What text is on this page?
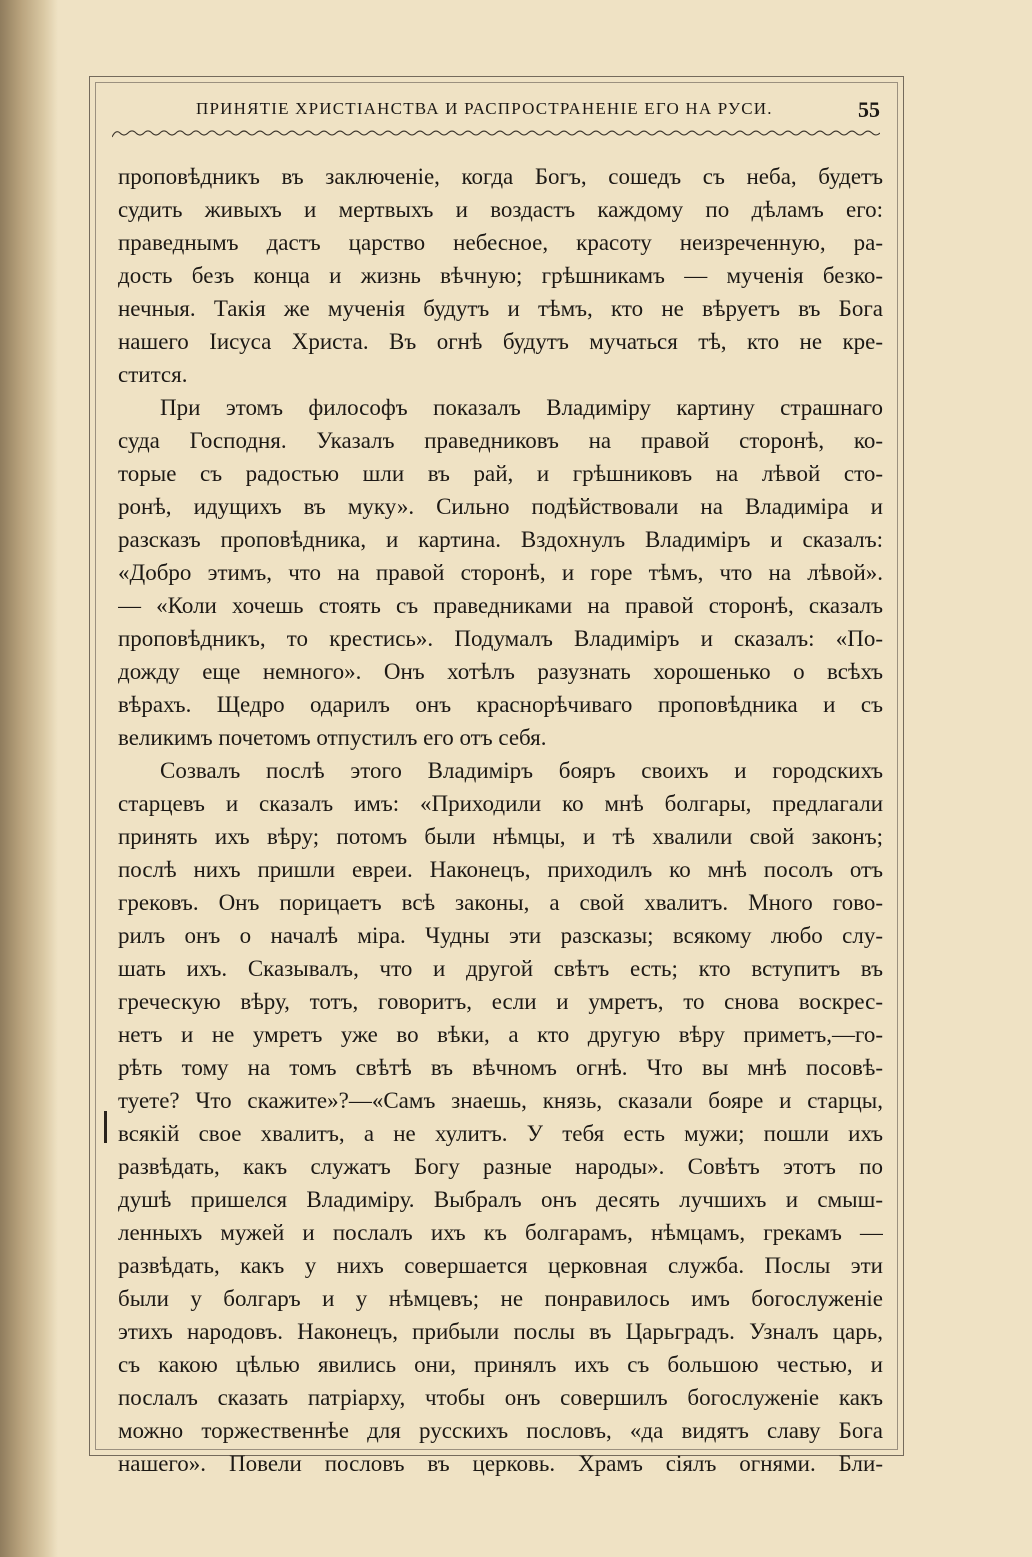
ПРИНЯТІЕ ХРИСТІАНСТВА И РАСПРОСТРАНЕНІЕ ЕГО НА РУСИ.	55
проповѣдникъ въ заключеніе, когда Богъ, сошедъ съ неба, будетъ
судить живыхъ и мертвыхъ и воздастъ каждому по дѣламъ его:
праведнымъ дастъ царство небесное, красоту неизреченную, ра-
дость безъ конца и жизнь вѣчную; грѣшникамъ — мученія безко-
нечныя. Такія же мученія будутъ и тѣмъ, кто не вѣруетъ въ Бога
нашего Іисуса Христа. Въ огнѣ будутъ мучаться тѣ, кто не кре-
стится.
При этомъ философъ показалъ Владиміру картину страшнаго
суда Господня. Указалъ праведниковъ на правой сторонѣ, ко-
торые съ радостью шли въ рай, и грѣшниковъ на лѣвой сто-
ронѣ, идущихъ въ муку». Сильно подѣйствовали на Владиміра и
разсказъ проповѣдника, и картина. Вздохнулъ Владиміръ и сказалъ:
«Добро этимъ, что на правой сторонѣ, и горе тѣмъ, что на лѣвой».
— «Коли хочешь стоять съ праведниками на правой сторонѣ, сказалъ
проповѣдникъ, то крестись». Подумалъ Владиміръ и сказалъ: «По-
дожду еще немного». Онъ хотѣлъ разузнать хорошенько о всѣхъ
вѣрахъ. Щедро одарилъ онъ краснорѣчиваго проповѣдника и съ
великимъ почетомъ отпустилъ его отъ себя.
Созвалъ послѣ этого Владиміръ бояръ своихъ и городскихъ
старцевъ и сказалъ имъ: «Приходили ко мнѣ болгары, предлагали
принять ихъ вѣру; потомъ были нѣмцы, и тѣ хвалили свой законъ;
послѣ нихъ пришли евреи. Наконецъ, приходилъ ко мнѣ посолъ отъ
грековъ. Онъ порицаетъ всѣ законы, а свой хвалитъ. Много гово-
рилъ онъ о началѣ міра. Чудны эти разсказы; всякому любо слу-
шать ихъ. Сказывалъ, что и другой свѣтъ есть; кто вступитъ въ
греческую вѣру, тотъ, говоритъ, если и умретъ, то снова воскрес-
нетъ и не умретъ уже во вѣки, а кто другую вѣру приметъ,—го-
рѣть тому на томъ свѣтѣ въ вѣчномъ огнѣ. Что вы мнѣ посовѣ-
туете? Что скажите»?—«Самъ знаешь, князь, сказали бояре и старцы,
всякій свое хвалитъ, а не хулитъ. У тебя есть мужи; пошли ихъ
развѣдать, какъ служатъ Богу разные народы». Совѣтъ этотъ по
душѣ пришелся Владиміру. Выбралъ онъ десять лучшихъ и смыш-
ленныхъ мужей и послалъ ихъ къ болгарамъ, нѣмцамъ, грекамъ —
развѣдать, какъ у нихъ совершается церковная служба. Послы эти
были у болгаръ и у нѣмцевъ; не понравилось имъ богослуженіе
этихъ народовъ. Наконецъ, прибыли послы въ Царьградъ. Узналъ царь,
съ какою цѣлью явились они, принялъ ихъ съ большою честью, и
послалъ сказать патріарху, чтобы онъ совершилъ богослуженіе какъ
можно торжественнѣе для русскихъ пословъ, «да видятъ славу Бога
нашего». Повели пословъ въ церковь. Храмъ сіялъ огнями. Бли-
